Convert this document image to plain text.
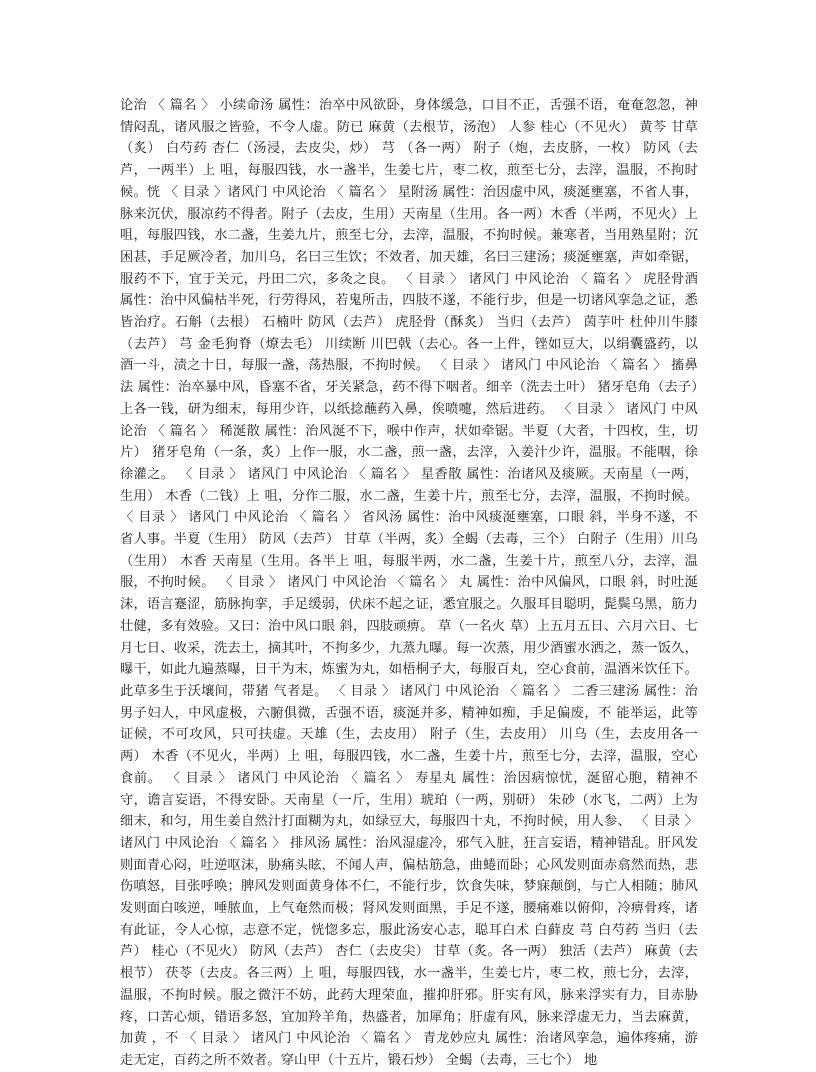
论治 〈 篇名 〉 小续命汤 属性：治卒中风欲卧，身体缓急，口目不正，舌强不语，奄奄忽忽，神情闷乱，诸风服之皆验，不令人虚。防已 麻黄（去根节，汤泡） 人参 桂心（不见火） 黄芩 甘草（炙） 白芍药 杏仁（汤浸，去皮尖，炒） 芎 （各一两） 附子（炮，去皮脐，一枚） 防风（去芦，一两半）上 咀，每服四钱，水一盏半，生姜七片，枣二枚，煎至七分，去滓，温服，不拘时候。恍 〈 目录 〉诸风门 中风论治 〈 篇名 〉 星附汤 属性：治因虚中风，痰涎壅塞，不省人事，脉来沉伏，服凉药不得者。附子（去皮，生用）天南星（生用。各一两）木香（半两，不见火）上 咀，每服四钱，水二盏，生姜九片，煎至七分，去滓，温服，不拘时候。兼寒者，当用熟星附；沉困甚，手足厥冷者，加川乌，名曰三生饮；不效者，加天雄，名曰三建汤；痰涎壅塞，声如牵锯，服药不下，宜于关元，丹田二穴，多灸之良。 〈 目录 〉 诸风门 中风论治 〈 篇名 〉 虎胫骨酒 属性：治中风偏枯半死，行劳得风，若鬼所击，四肢不遂，不能行步，但是一切诸风挛急之证，悉皆治疗。石斛（去根） 石楠叶 防风（去芦） 虎胫骨（酥炙） 当归（去芦） 茵芋叶 杜仲川牛膝（去芦） 芎 金毛狗脊（燎去毛） 川续断 川巴戟（去心。各一上件，锉如豆大，以绢囊盛药，以酒一斗，渍之十日，每服一盏，荡热服，不拘时候。 〈 目录 〉 诸风门 中风论治 〈 篇名 〉 搐鼻法 属性：治卒暴中风，昏塞不省，牙关紧急，药不得下咽者。细辛（洗去土叶） 猪牙皂角（去子）上各一钱，研为细末，每用少许，以纸捻蘸药入鼻，俟喷嚏，然后进药。 〈 目录 〉 诸风门 中风论治 〈 篇名 〉 稀涎散 属性：治风涎不下，喉中作声，状如牵锯。半夏（大者，十四枚，生，切片） 猪牙皂角（一条，炙）上作一服，水二盏，煎一盏，去滓，入姜汁少许，温服。不能咽，徐徐灌之。 〈 目录 〉 诸风门 中风论治 〈 篇名 〉 星香散 属性：治诸风及痰厥。天南星（一两，生用） 木香（二钱）上 咀，分作二服，水二盏，生姜十片，煎至七分，去滓，温服，不拘时候。 〈 目录 〉 诸风门 中风论治 〈 篇名 〉 省风汤 属性：治中风痰涎壅塞，口眼 斜，半身不遂，不省人事。半夏（生用） 防风（去芦） 甘草（半两，炙）全蝎（去毒，三个） 白附子（生用）川乌（生用） 木香 天南星（生用。各半上 咀，每服半两，水二盏，生姜十片，煎至八分，去滓，温服，不拘时候。 〈 目录 〉 诸风门 中风论治 〈 篇名 〉 丸 属性：治中风偏风，口眼 斜，时吐涎沫，语言蹇涩，筋脉拘挛，手足缓弱，伏床不起之证，悉宜服之。久服耳目聪明，髭鬓乌黑，筋力壮健，多有效验。又曰：治中风口眼 斜，四肢顽痹。 草（一名火 草）上五月五日、六月六日、七月七日、收采，洗去土，摘其叶，不拘多少，九蒸九曝。每一次蒸，用少酒蜜水洒之，蒸一饭久，曝干，如此九遍蒸曝，日干为末，炼蜜为丸，如梧桐子大，每服百丸，空心食前，温酒米饮任下。此草多生于沃壤间，带猪 气者是。 〈 目录 〉 诸风门 中风论治 〈 篇名 〉 二香三建汤 属性：治男子妇人，中风虚极，六腑俱微，舌强不语，痰涎并多，精神如痴，手足偏废，不 能举运，此等证候，不可攻风，只可扶虚。天雄（生，去皮用） 附子（生，去皮用） 川乌（生，去皮用各一两） 木香（不见火，半两）上 咀，每服四钱，水二盏，生姜十片，煎至七分，去滓，温服，空心食前。 〈 目录 〉 诸风门 中风论治 〈 篇名 〉 寿星丸 属性：治因病惊忧，涎留心胞，精神不守，谵言妄语，不得安卧。天南星（一斤，生用）琥珀（一两，别研） 朱砂（水飞，二两）上为细末，和匀，用生姜自然汁打面糊为丸，如绿豆大，每服四十丸，不拘时候，用人参、 〈 目录 〉 诸风门 中风论治 〈 篇名 〉 排风汤 属性：治风湿虚冷，邪气入脏，狂言妄语，精神错乱。肝风发则面青心闷，吐逆呕沫，胁痛头眩，不闻人声，偏枯筋急，曲蜷而卧；心风发则面赤翕然而热，悲伤嗔怒，目张呼唤；脾风发则面黄身体不仁，不能行步，饮食失味，梦寐颠倒，与亡人相随；肺风发则面白咳逆，唾脓血，上气奄然而极；肾风发则面黑，手足不遂，腰痛难以俯仰，冷痹骨疼，诸有此证，令人心惊，志意不定，恍惚多忘，服此汤安心志，聪耳白术 白藓皮 芎 白芍药 当归（去芦） 桂心（不见火） 防风（去芦） 杏仁（去皮尖） 甘草（炙。各一两） 独活（去芦） 麻黄（去根节） 茯苓（去皮。各三两）上 咀，每服四钱，水一盏半，生姜七片，枣二枚，煎七分，去滓，温服，不拘时候。服之微汗不妨，此药大理荣血，摧抑肝邪。肝实有风，脉来浮实有力，目赤胁疼，口苦心烦，错语多怒，宜加羚羊角，热盛者，加犀角；肝虚有风，脉来浮虚无力，当去麻黄，加黄 ，不 〈 目录 〉 诸风门 中风论治 〈 篇名 〉 青龙妙应丸 属性：治诸风挛急，遍体疼痛，游走无定，百药之所不效者。穿山甲（十五片，锻石炒） 全蝎（去毒，三七个） 地
